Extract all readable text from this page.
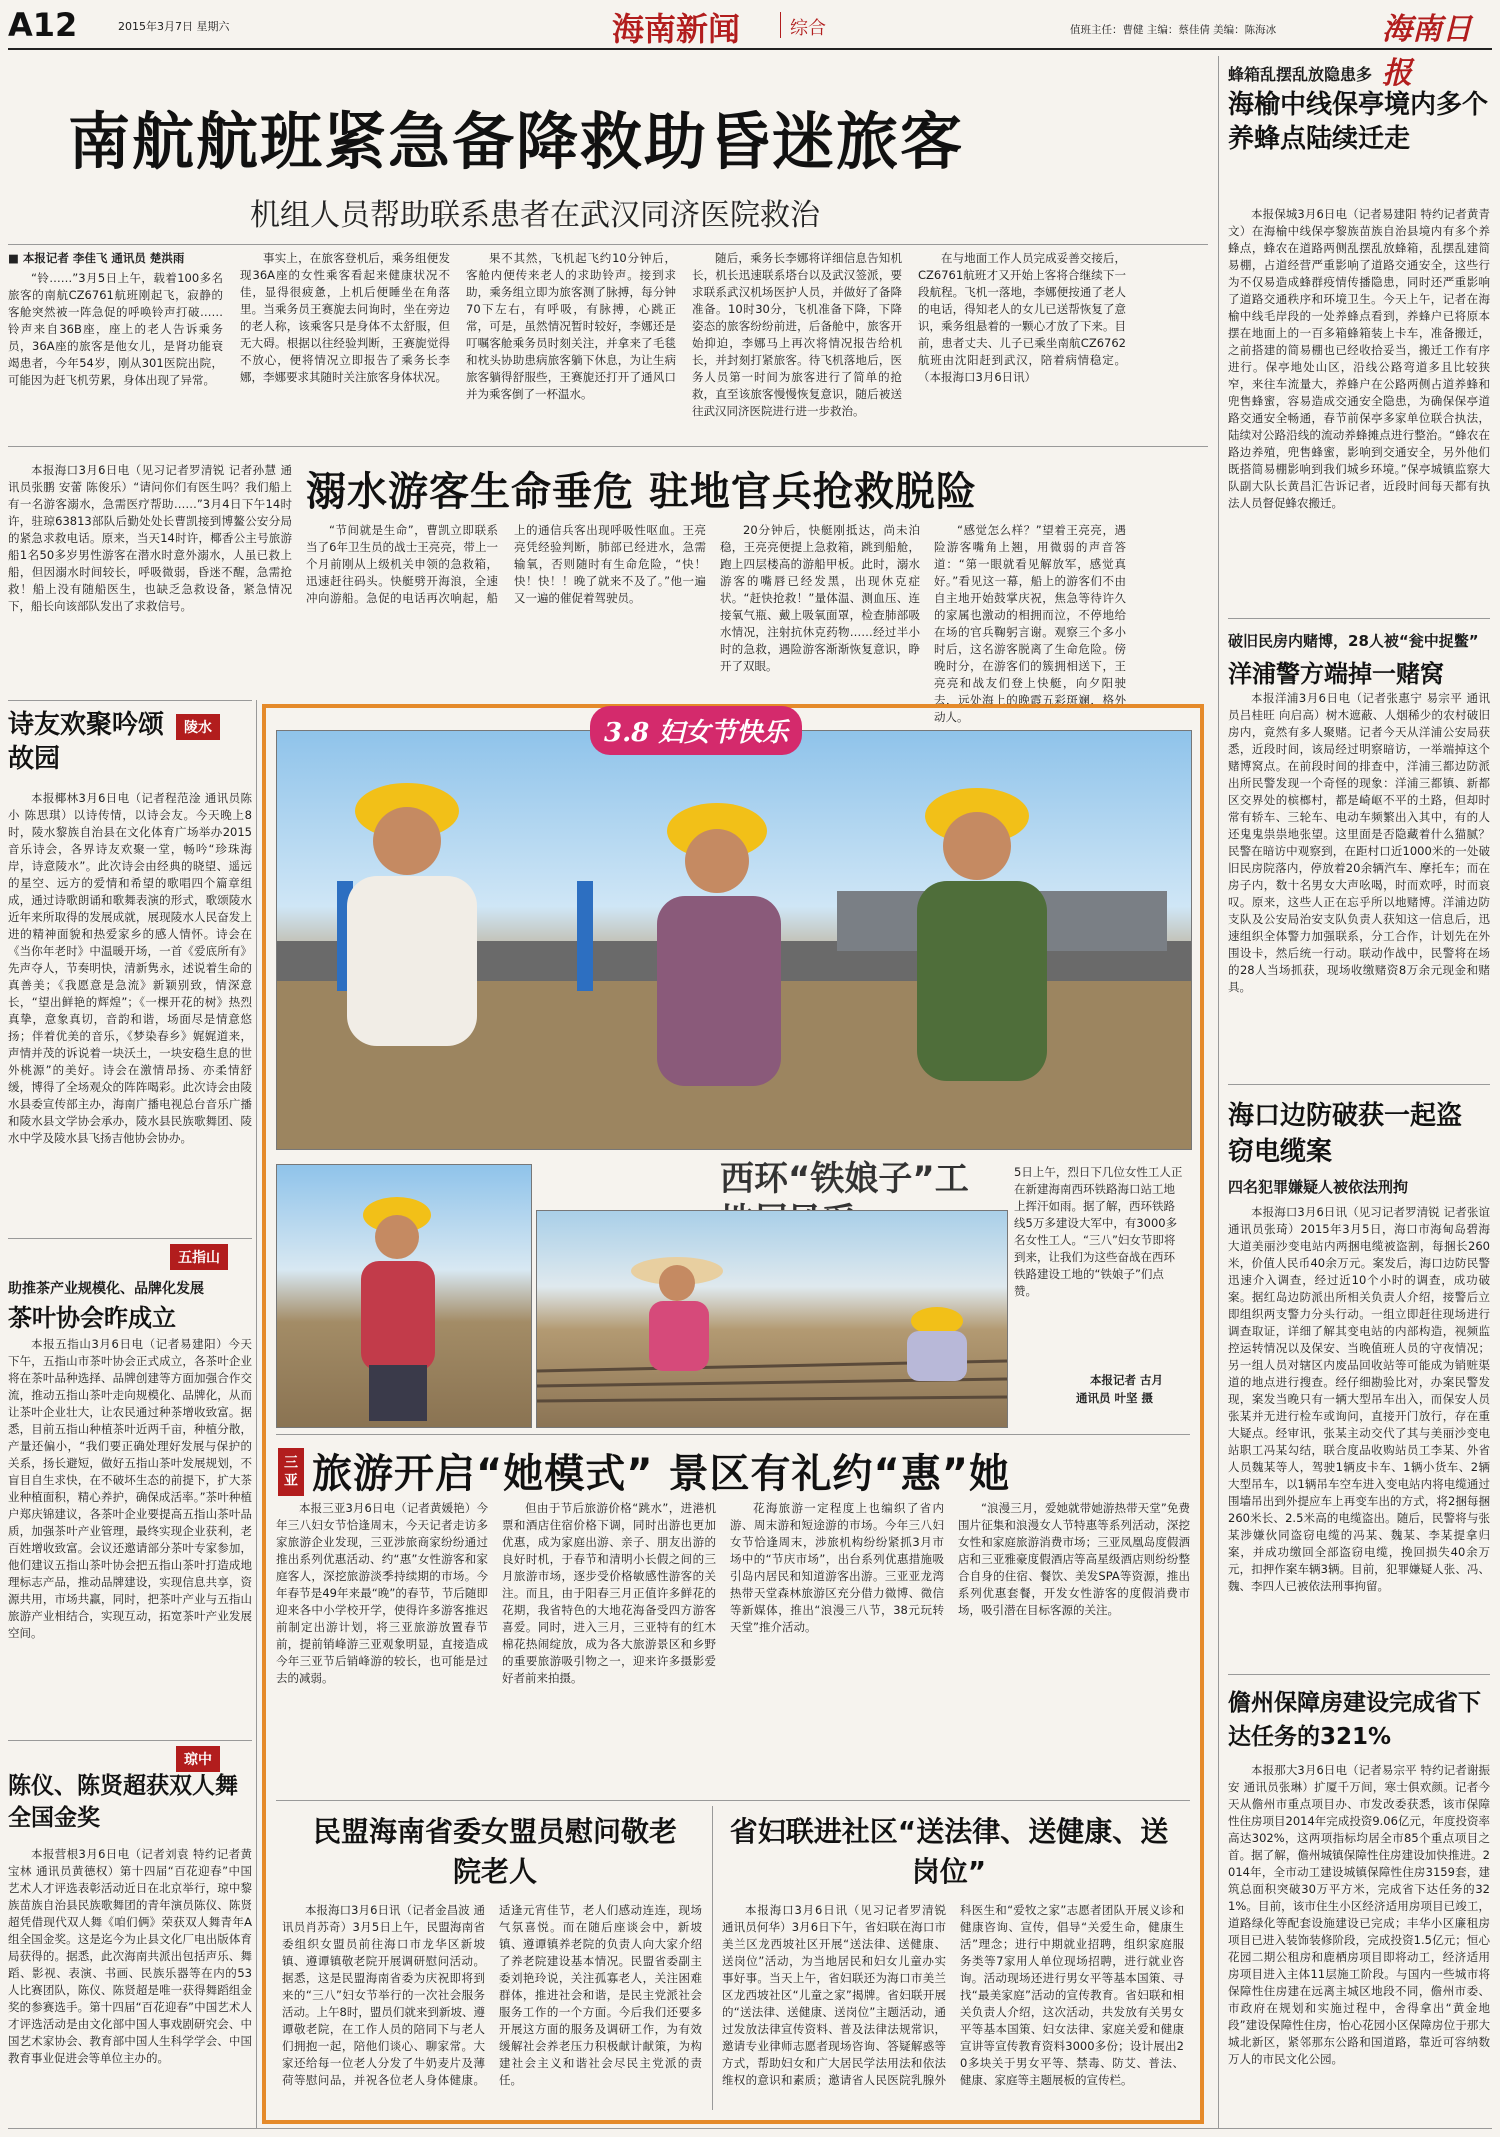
A12	2015年3月7日 星期六	海南新闻	综合	值班主任：曹健 主编：蔡佳倩 美编：陈海冰	海南日报
南航航班紧急备降救助昏迷旅客
机组人员帮助联系患者在武汉同济医院救治
■ 本报记者 李佳飞 通讯员 楚洪雨

“铃……”3月5日上午，载着100多名旅客的南航CZ6761航班刚起飞，寂静的客舱突然被一阵急促的呼唤铃声打破……铃声来自36B座，座上的老人告诉乘务员，36A座的旅客是他女儿，是肾功能衰竭患者，今年54岁，刚从301医院出院，可能因为赶飞机劳累，身体出现了异常。

事实上，在旅客登机后，乘务组便发现36A座的女性乘客看起来健康状况不佳，显得很疲惫，上机后便睡坐在角落里。当乘务员王赛旎去问询时，坐在旁边的老人称，该乘客只是身体不太舒服，但无大碍。根据以往经验判断，王赛旎觉得不放心，便将情况立即报告了乘务长李娜，李娜要求其随时关注旅客身体状况。

果不其然，飞机起飞约10分钟后，客舱内便传来老人的求助铃声。接到求助，乘务组立即为旅客测了脉搏，每分钟70下左右，有呼吸，有脉搏，心跳正常，可是，虽然情况暂时较好，李娜还是叮嘱客舱乘务员时刻关注，并拿来了毛毯和枕头协助患病旅客躺下休息，为让生病旅客躺得舒服些，王赛旎还打开了通风口并为乘客倒了一杯温水。

随后，乘务长李娜将详细信息告知机长，机长迅速联系塔台以及武汉签派，要求联系武汉机场医护人员，并做好了备降准备。10时30分，飞机准备下降，下降姿态的旅客纷纷前进，后备舱中，旅客开始抑迫，李娜马上再次将情况报告给机长，并封刻打紧旅客。待飞机落地后，医务人员第一时间为旅客进行了简单的抢救，直至该旅客慢慢恢复意识，随后被送往武汉同济医院进行进一步救治。

在与地面工作人员完成妥善交接后，CZ6761航班才又开始上客将合继续下一段航程。飞机一落地，李娜便按通了老人的电话，得知老人的女儿已送帮恢复了意识，乘务组悬着的一颗心才放了下来。目前，患者丈夫、儿子已乘坐南航CZ6762航班由沈阳赶到武汉，陪着病情稳定。（本报海口3月6日讯）

蜂箱乱摆乱放隐患多
海榆中线保亭境内多个养蜂点陆续迁走
本报保城3月6日电（记者易建阳 特约记者黄青文）在海榆中线保亭黎族苗族自治县境内有多个养蜂点，蜂农在道路两侧乱摆乱放蜂箱，乱摆乱建简易棚，占道经营严重影响了道路交通安全，这些行为不仅易造成蜂群疫情传播隐患，同时还严重影响了道路交通秩序和环境卫生。今天上午，记者在海榆中线毛岸段的一处养蜂点看到，养蜂户已将原本摆在地面上的一百多箱蜂箱装上卡车，准备搬迁，之前搭建的简易棚也已经收拾妥当，搬迁工作有序进行。保亭地处山区，沿线公路弯道多且比较狭窄，来往车流量大，养蜂户在公路两侧占道养蜂和兜售蜂蜜，容易造成交通安全隐患，为确保保亭道路交通安全畅通，春节前保亭多家单位联合执法，陆续对公路沿线的流动养蜂摊点进行整治。“蜂农在路边养殖，兜售蜂蜜，影响到交通安全，另外他们既搭简易棚影响到我们城乡环境。”保亭城镇监察大队副大队长黄昌汇告诉记者，近段时间每天都有执法人员督促蜂农搬迁。
溺水游客生命垂危 驻地官兵抢救脱险

本报海口3月6日电（见习记者罗清锐 记者孙慧 通讯员张鹏 安蕾 陈俊乐）“请问你们有医生吗？我们船上有一名游客溺水，急需医疗帮助……”3月4日下午14时许，驻琼63813部队后勤处处长曹凯接到博鳌公安分局的紧急求救电话。原来，当天14时许，椰香公主号旅游船1名50多岁男性游客在潜水时意外溺水，人虽已救上船，但因溺水时间较长，呼吸微弱，昏迷不醒，急需抢救！船上没有随船医生，也缺乏急救设备，紧急情况下，船长向该部队发出了求救信号。

“节间就是生命”，曹凯立即联系当了6年卫生员的战士王亮亮，带上一个月前刚从上级机关申领的急救箱，迅速赶往码头。快艇劈开海浪，全速冲向游船。急促的电话再次响起，船上的通信兵客出现呼吸性呕血。王亮亮凭经验判断，肺部已经进水，急需输氧，否则随时有生命危险，“快！快！快！！晚了就来不及了。”他一遍又一遍的催促着驾驶员。

20分钟后，快艇刚抵达，尚未泊稳，王亮亮便提上急救箱，跳到船舱，跑上四层楼高的游船甲板。此时，溺水游客的嘴唇已经发黑，出现休克症状。“赶快抢救！”量体温、测血压、连接氧气瓶、戴上吸氧面罩，检查肺部吸水情况，注射抗休克药物……经过半小时的急救，遇险游客渐渐恢复意识，睁开了双眼。

“感觉怎么样？”望着王亮亮，遇险游客嘴角上翘，用微弱的声音答道：“第一眼就看见解放军，感觉真好。”看见这一幕，船上的游客们不由自主地开始鼓掌庆祝，焦急等待许久的家属也激动的相拥而泣，不停地给在场的官兵鞠躬言谢。观察三个多小时后，这名游客脱离了生命危险。傍晚时分，在游客们的簇拥相送下，王亮亮和战友们登上快艇，向夕阳驶去，远处海上的晚霞五彩斑斓，格外动人。

陵水
诗友欢聚吟颂故园
本报椰林3月6日电（记者程范淦 通讯员陈小 陈思琪）以诗传情，以诗会友。今天晚上8时，陵水黎族自治县在文化体育广场举办2015音乐诗会，各界诗友欢聚一堂，畅吟“珍珠海岸，诗意陵水”。此次诗会由经典的晓望、遥远的星空、远方的爱情和希望的歌唱四个篇章组成，通过诗歌朗诵和歌舞表演的形式，歌颂陵水近年来所取得的发展成就，展现陵水人民奋发上进的精神面貌和热爱家乡的感人情怀。诗会在《当你年老时》中温暖开场，一首《爱底所有》先声夺人，节奏明快，清新隽永，述说着生命的真善美；《我愿意是急流》新颖别致，情深意长，“望出鲜艳的辉煌”；《一棵开花的树》热烈真挚，意象真切，音韵和谐，场面尽是情意悠扬；伴着优美的音乐，《梦染春乡》娓娓道来，声情并茂的诉说着一块沃土，一块安稳生息的世外桃源”的美好。诗会在激情昂扬、亦柔情舒缓，博得了全场观众的阵阵喝彩。此次诗会由陵水县委宣传部主办，海南广播电视总台音乐广播和陵水县文学协会承办，陵水县民族歌舞团、陵水中学及陵水县飞扬吉他协会协办。
五指山
助推茶产业规模化、品牌化发展
茶叶协会昨成立
本报五指山3月6日电（记者易建阳）今天下午，五指山市茶叶协会正式成立，各茶叶企业将在茶叶品种选择、品牌创建等方面加强合作交流，推动五指山茶叶走向规模化、品牌化，从而让茶叶企业壮大，让农民通过种茶增收致富。据悉，目前五指山种植茶叶近两千亩，种植分散，产量还偏小，“我们要正确处理好发展与保护的关系，扬长避短，做好五指山茶叶发展规划，不盲目自生求快，在不破坏生态的前提下，扩大茶业种植面积，精心养护，确保成活率。”茶叶种植户郑庆锦建议，各茶叶企业要提高五指山茶叶品质，加强茶叶产业管理，最终实现企业获利，老百姓增收致富。会议还邀请部分茶叶专家参加，他们建议五指山茶叶协会把五指山茶叶打造成地理标志产品，推动品牌建设，实现信息共享，资源共用，市场共赢，同时，把茶叶产业与五指山旅游产业相结合，实现互动，拓宽茶叶产业发展空间。
琼中
陈仪、陈贤超获双人舞全国金奖
本报营根3月6日电（记者刘袁 特约记者黄宝林 通讯员黄德权）第十四届“百花迎春”中国艺术人才评选表彰活动近日在北京举行，琼中黎族苗族自治县民族歌舞团的青年演员陈仪、陈贤超凭借现代双人舞《咱们俩》荣获双人舞青年A组全国金奖。这是迄今为止县文化厂电出版体育局获得的。据悉，此次海南共派出包括声乐、舞蹈、影视、表演、书画、民族乐器等在内的53人比赛团队，陈仪、陈贤超是唯一获得舞蹈组金奖的参赛选手。第十四届“百花迎春”中国艺术人才评选活动是由文化部中国人事戏剧研究会、中国艺术家协会、教育部中国人生科学学会、中国教育事业促进会等单位主办的。
3.8 妇女节快乐
西环“铁娘子”工	5日上午，烈日下几位女性工人正在新建海南西环铁路海口站工地上挥汗如雨。据了解，西环铁路线5万多建设大军中，有3000多名女性工人。“三八”妇女节即将到来，让我们为这些奋战在西环铁路建设工地的“铁娘子”们点赞。
本报记者 古月
通讯员 叶坚 摄
三亚 旅游开启“她模式” 景区有礼约“惠”她

本报三亚3月6日电（记者黄媛艳）今年三八妇女节恰逢周末，今天记者走访多家旅游企业发现，三亚涉旅商家纷纷通过推出系列优惠活动、约“惠”女性游客和家庭客人，深挖旅游淡季持续期的市场。今年春节是49年来最“晚”的春节，节后随即迎来各中小学校开学，使得许多游客推迟前制定出游计划，将三亚旅游放置春节前，提前销峰游三亚观象明显，直接造成今年三亚节后销峰游的较长，也可能是过去的减弱。

但由于节后旅游价格“跳水”，进港机票和酒店住宿价格下调，同时出游也更加优惠，成为家庭出游、亲子、朋友出游的良好时机，于春节和清明小长假之间的三月旅游市场，逐步受价格敏感性游客的关注。而且，由于阳春三月正值许多鲜花的花期，我省特色的大地花海备受四方游客喜爱。同时，进入三月，三亚特有的红木棉花热闹绽放，成为各大旅游景区和乡野的重要旅游吸引物之一，迎来许多摄影爱好者前来拍摄。

花海旅游一定程度上也编织了省内游、周末游和短途游的市场。今年三八妇女节恰逢周末，涉旅机构纷纷紧抓3月市场中的“节庆市场”，出台系列优惠措施吸引岛内居民和知道游客出游。三亚亚龙湾热带天堂森林旅游区充分借力微博、微信等新媒体，推出“浪漫三八节，38元玩转天堂”推介活动。

“浪漫三月，爱她就带她游热带天堂”免费围片征集和浪漫女人节特惠等系列活动，深挖女性和家庭旅游消费市场；三亚凤凰岛度假酒店和三亚雅豪度假酒店等高星级酒店则纷纷整合自身的住宿、餐饮、美发SPA等资源，推出系列优惠套餐，开发女性游客的度假消费市场，吸引潜在目标客源的关注。

民盟海南省委女盟员慰问敬老院老人
本报海口3月6日讯（记者金昌波 通讯员肖苏奇）3月5日上午，民盟海南省委组织女盟员前往海口市龙华区新坡镇、遵谭镇敬老院开展调研慰问活动。据悉，这是民盟海南省委为庆祝即将到来的“三八”妇女节举行的一次社会服务活动。上午8时，盟员们就来到新坡、遵谭敬老院，在工作人员的陪同下与老人们拥抱一起，陪他们谈心、聊家常。大家还给每一位老人分发了牛奶麦片及薄荷等慰问品，并祝各位老人身体健康。适逢元宵佳节，老人们感动连连，现场气氛喜悦。而在随后座谈会中，新坡镇、遵谭镇养老院的负责人向大家介绍了养老院建设基本情况。民盟省委副主委刘艳玲说，关注孤寡老人，关注困难群体，推进社会和谐，是民主党派社会服务工作的一个方面。今后我们还要多开展这方面的服务及调研工作，为有效缓解社会养老压力积极献计献策，为构建社会主义和谐社会尽民主党派的责任。
省妇联进社区“送法律、送健康、送岗位”
本报海口3月6日讯（见习记者罗清锐 通讯员何华）3月6日下午，省妇联在海口市美兰区龙西坡社区开展“送法律、送健康、送岗位”活动，为当地居民和妇女儿童办实事好事。当天上午，省妇联还为海口市美兰区龙西坡社区“儿童之家”揭牌。省妇联开展的“送法律、送健康、送岗位”主题活动，通过发放法律宣传资料、普及法律法规常识，邀请专业律师志愿者现场咨询、答疑解惑等方式，帮助妇女和广大居民学法用法和依法维权的意识和素质；邀请省人民医院乳腺外科医生和“爱牧之家”志愿者团队开展义诊和健康咨询、宣传，倡导“关爱生命，健康生活”理念；进行中期就业招聘，组织家庭服务类等7家用人单位现场招聘，进行就业咨询。活动现场还进行男女平等基本国策、寻找“最美家庭”活动的宣传教育。省妇联和相关负责人介绍，这次活动，共发放有关男女平等基本国策、妇女法律、家庭关爱和健康宣讲等宣传教育资料3000多份；设计展出20多块关于男女平等、禁毒、防艾、普法、健康、家庭等主题展板的宣传栏。
破旧民房内赌博，28人被“瓮中捉鳖”
洋浦警方端掉一赌窝
本报洋浦3月6日电（记者张惠宁 易宗平 通讯员吕桂旺 向启高）树木遮蔽、人烟稀少的农村破旧房内，竟然有多人聚赌。记者今天从洋浦公安局获悉，近段时间，该局经过明察暗访，一举端掉这个赌博窝点。在前段时间的排查中，洋浦三都边防派出所民警发现一个奇怪的现象：洋浦三都镇、新都区交界处的槟榔村，都是崎岖不平的土路，但却时常有轿车、三轮车、电动车频繁出入其中，有的人还鬼鬼祟祟地张望。这里面是否隐藏着什么猫腻？民警在暗访中观察到，在距村口近1000米的一处破旧民房院落内，停放着20余辆汽车、摩托车；而在房子内，数十名男女大声吆喝，时而欢呼，时而哀叹。原来，这些人正在忘乎所以地赌博。洋浦边防支队及公安局治安支队负责人获知这一信息后，迅速组织全体警力加强联系，分工合作，计划先在外围设卡，然后统一行动。联动作战中，民警将在场的28人当场抓获，现场收缴赌资8万余元现金和赌具。
海口边防破获一起盗窃电缆案
四名犯罪嫌疑人被依法刑拘
本报海口3月6日讯（见习记者罗清锐 记者张谊 通讯员张琦）2015年3月5日，海口市海甸岛碧海大道美丽沙变电站内两捆电缆被盗割，每捆长260米，价值人民币40余万元。案发后，海口边防民警迅速介入调查，经过近10个小时的调查，成功破案。据红岛边防派出所相关负责人介绍，接警后立即组织两支警力分头行动。一组立即赶往现场进行调查取证，详细了解其变电站的内部构造，视频监控运转情况以及保安、当晚值班人员的守夜情况；另一组人员对辖区内废品回收站等可能成为销赃渠道的地点进行搜查。经仔细勘验比对，办案民警发现，案发当晚只有一辆大型吊车出入，而保安人员张某并无进行检车或询问，直接开门放行，存在重大疑点。经审讯，张某主动交代了其与美丽沙变电站职工冯某勾结，联合度品收购站员工李某、外省人员魏某等人，驾驶1辆皮卡车、1辆小货车、2辆大型吊车，以1辆吊车空车进入变电站内将电缆通过围墙吊出到外提应车上再变车出的方式，将2捆每捆260米长、2.5米高的电缆盗出。随后，民警将与张某涉嫌伙同盗窃电缆的冯某、魏某、李某提拿归案，并成功缴回全部盗窃电缆，挽回损失40余万元，扣押作案车辆3辆。目前，犯罪嫌疑人张、冯、魏、李四人已被依法刑事拘留。
儋州保障房建设完成省下达任务的321%
本报那大3月6日电（记者易宗平 特约记者谢振安 通讯员张琳）扩厦千万间，寒士俱欢颜。记者今天从儋州市重点项目办、市发改委获悉，该市保障性住房项目2014年完成投资9.06亿元，年度投资率高达302%，这两项指标均居全市85个重点项目之首。据了解，儋州城镇保障性住房建设加快推进。2014年，全市动工建设城镇保障性住房3159套，建筑总面积突破30万平方米，完成省下达任务的321%。目前，该市住生小区经济适用房项目已竣工，道路绿化等配套设施建设已完成；丰华小区廉租房项目已进入装饰装修阶段，完成投资1.5亿元；恒心花园二期公租房和鹿栖房项目即将动工，经济适用房项目进入主体11层施工阶段。与国内一些城市将保障性住房建在远离主城区地段不同，儋州市委、市政府在规划和实施过程中，舍得拿出“黄金地段”建设保障性住房，怡心花园小区保障房位于那大城北新区，紧邻那东公路和国道路，靠近可容纳数万人的市民文化公园。
